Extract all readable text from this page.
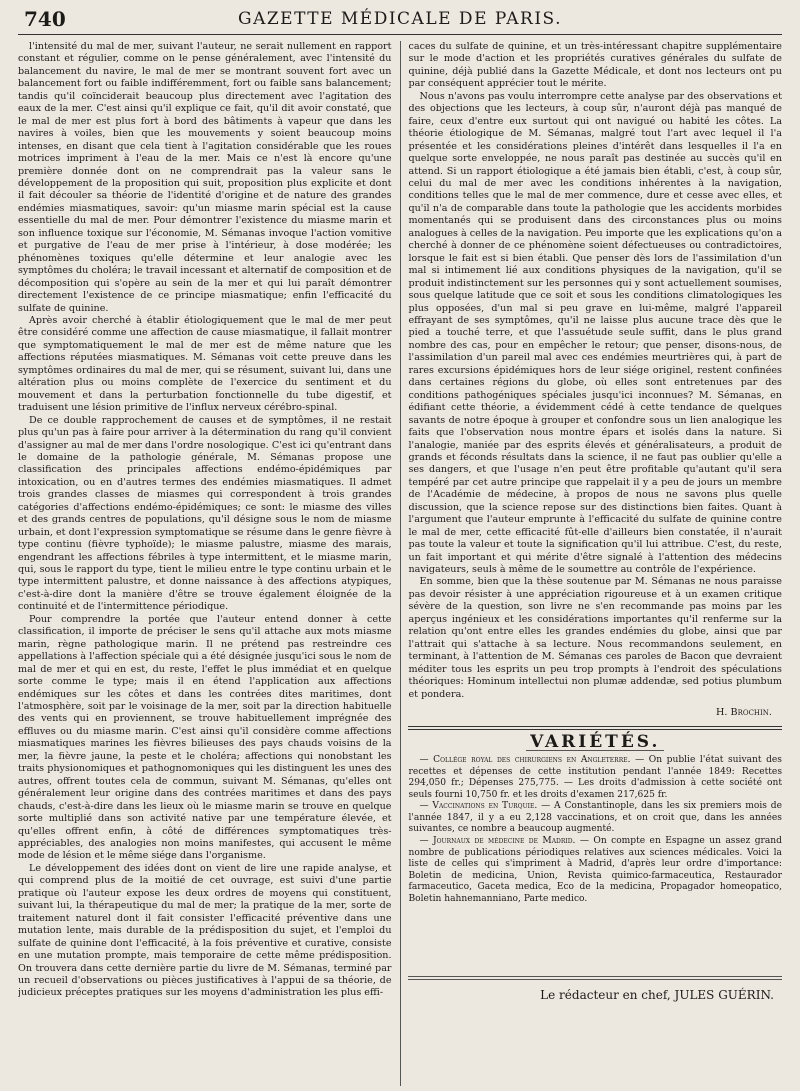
740	GAZETTE MÉDICALE DE PARIS.

l'intensité du mal de mer, suivant l'auteur, ne serait nullement en rapport constant et régulier, comme on le pense généralement, avec l'intensité du balancement du navire, le mal de mer se montrant souvent fort avec un balancement fort ou faible indifféremment, fort ou faible sans balancement; tandis qu'il coïnciderait beaucoup plus directement avec l'agitation des eaux de la mer. C'est ainsi qu'il explique ce fait, qu'il dit avoir constaté, que le mal de mer est plus fort à bord des bâtiments à vapeur que dans les navires à voiles, bien que les mouvements y soient beaucoup moins intenses, en disant que cela tient à l'agitation considérable que les roues motrices impriment à l'eau de la mer. Mais ce n'est là encore qu'une première donnée dont on ne comprendrait pas la valeur sans le développement de la proposition qui suit, proposition plus explicite et dont il fait découler sa théorie de l'identité d'origine et de nature des grandes endémies miasmatiques, savoir: qu'un miasme marin spécial est la cause essentielle du mal de mer. Pour démontrer l'existence du miasme marin et son influence toxique sur l'économie, M. Sémanas invoque l'action vomitive et purgative de l'eau de mer prise à l'intérieur, à dose modérée; les phénomènes toxiques qu'elle détermine et leur analogie avec les symptômes du choléra; le travail incessant et alternatif de composition et de décomposition qui s'opère au sein de la mer et qui lui paraît démontrer directement l'existence de ce principe miasmatique; enfin l'efficacité du sulfate de quinine.

Après avoir cherché à établir étiologiquement que le mal de mer peut être considéré comme une affection de cause miasmatique, il fallait montrer que symptomatiquement le mal de mer est de même nature que les affections réputées miasmatiques. M. Sémanas voit cette preuve dans les symptômes ordinaires du mal de mer, qui se résument, suivant lui, dans une altération plus ou moins complète de l'exercice du sentiment et du mouvement et dans la perturbation fonctionnelle du tube digestif, et traduisent une lésion primitive de l'influx nerveux cérébro-spinal.

De ce double rapprochement de causes et de symptômes, il ne restait plus qu'un pas à faire pour arriver à la détermination du rang qu'il convient d'assigner au mal de mer dans l'ordre nosologique. C'est ici qu'entrant dans le domaine de la pathologie générale, M. Sémanas propose une classification des principales affections endémo-épidémiques par intoxication, ou en d'autres termes des endémies miasmatiques. Il admet trois grandes classes de miasmes qui correspondent à trois grandes catégories d'affections endémo-épidémiques; ce sont: le miasme des villes et des grands centres de populations, qu'il désigne sous le nom de miasme urbain, et dont l'expression symptomatique se résume dans le genre fièvre à type continu (fièvre typhoïde); le miasme palustre, miasme des marais, engendrant les affections fébriles à type intermittent, et le miasme marin, qui, sous le rapport du type, tient le milieu entre le type continu urbain et le type intermittent palustre, et donne naissance à des affections atypiques, c'est-à-dire dont la manière d'être se trouve également éloignée de la continuité et de l'intermittence périodique.

Pour comprendre la portée que l'auteur entend donner à cette classification, il importe de préciser le sens qu'il attache aux mots miasme marin, règne pathologique marin. Il ne prétend pas restreindre ces appellations à l'affection spéciale qui a été désignée jusqu'ici sous le nom de mal de mer et qui en est, du reste, l'effet le plus immédiat et en quelque sorte comme le type; mais il en étend l'application aux affections endémiques sur les côtes et dans les contrées dites maritimes, dont l'atmosphère, soit par le voisinage de la mer, soit par la direction habituelle des vents qui en proviennent, se trouve habituellement imprégnée des effluves ou du miasme marin. C'est ainsi qu'il considère comme affections miasmatiques marines les fièvres bilieuses des pays chauds voisins de la mer, la fièvre jaune, la peste et le choléra; affections qui nonobstant les traits physionomiques et pathognomoniques qui les distinguent les unes des autres, offrent toutes cela de commun, suivant M. Sémanas, qu'elles ont généralement leur origine dans des contrées maritimes et dans des pays chauds, c'est-à-dire dans les lieux où le miasme marin se trouve en quelque sorte multiplié dans son activité native par une température élevée, et qu'elles offrent enfin, à côté de différences symptomatiques très-appréciables, des analogies non moins manifestes, qui accusent le même mode de lésion et le même siége dans l'organisme.

Le développement des idées dont on vient de lire une rapide analyse, et qui comprend plus de la moitié de cet ouvrage, est suivi d'une partie pratique où l'auteur expose les deux ordres de moyens qui constituent, suivant lui, la thérapeutique du mal de mer; la pratique de la mer, sorte de traitement naturel dont il fait consister l'efficacité préventive dans une mutation lente, mais durable de la prédisposition du sujet, et l'emploi du sulfate de quinine dont l'efficacité, à la fois préventive et curative, consiste en une mutation prompte, mais temporaire de cette même prédisposition. On trouvera dans cette dernière partie du livre de M. Sémanas, terminé par un recueil d'observations ou pièces justificatives à l'appui de sa théorie, de judicieux préceptes pratiques sur les moyens d'administration les plus effi-

caces du sulfate de quinine, et un très-intéressant chapitre supplémentaire sur le mode d'action et les propriétés curatives générales du sulfate de quinine, déjà publié dans la Gazette Médicale, et dont nos lecteurs ont pu par conséquent apprécier tout le mérite.

Nous n'avons pas voulu interrompre cette analyse par des observations et des objections que les lecteurs, à coup sûr, n'auront déjà pas manqué de faire, ceux d'entre eux surtout qui ont navigué ou habité les côtes. La théorie étiologique de M. Sémanas, malgré tout l'art avec lequel il l'a présentée et les considérations pleines d'intérêt dans lesquelles il l'a en quelque sorte enveloppée, ne nous paraît pas destinée au succès qu'il en attend. Si un rapport étiologique a été jamais bien établi, c'est, à coup sûr, celui du mal de mer avec les conditions inhérentes à la navigation, conditions telles que le mal de mer commence, dure et cesse avec elles, et qu'il n'a de comparable dans toute la pathologie que les accidents morbides momentanés qui se produisent dans des circonstances plus ou moins analogues à celles de la navigation. Peu importe que les explications qu'on a cherché à donner de ce phénomène soient défectueuses ou contradictoires, lorsque le fait est si bien établi. Que penser dès lors de l'assimilation d'un mal si intimement lié aux conditions physiques de la navigation, qu'il se produit indistinctement sur les personnes qui y sont actuellement soumises, sous quelque latitude que ce soit et sous les conditions climatologiques les plus opposées, d'un mal si peu grave en lui-même, malgré l'appareil effrayant de ses symptômes, qu'il ne laisse plus aucune trace dès que le pied a touché terre, et que l'assuétude seule suffit, dans le plus grand nombre des cas, pour en empêcher le retour; que penser, disons-nous, de l'assimilation d'un pareil mal avec ces endémies meurtrières qui, à part de rares excursions épidémiques hors de leur siége originel, restent confinées dans certaines régions du globe, où elles sont entretenues par des conditions pathogéniques spéciales jusqu'ici inconnues? M. Sémanas, en édifiant cette théorie, a évidemment cédé à cette tendance de quelques savants de notre époque à grouper et confondre sous un lien analogique les faits que l'observation nous montre épars et isolés dans la nature. Si l'analogie, maniée par des esprits élevés et généralisateurs, a produit de grands et féconds résultats dans la science, il ne faut pas oublier qu'elle a ses dangers, et que l'usage n'en peut être profitable qu'autant qu'il sera tempéré par cet autre principe que rappelait il y a peu de jours un membre de l'Académie de médecine, à propos de nous ne savons plus quelle discussion, que la science repose sur des distinctions bien faites. Quant à l'argument que l'auteur emprunte à l'efficacité du sulfate de quinine contre le mal de mer, cette efficacité fût-elle d'ailleurs bien constatée, il n'aurait pas toute la valeur et toute la signification qu'il lui attribue. C'est, du reste, un fait important et qui mérite d'être signalé à l'attention des médecins navigateurs, seuls à même de le soumettre au contrôle de l'expérience.

En somme, bien que la thèse soutenue par M. Sémanas ne nous paraisse pas devoir résister à une appréciation rigoureuse et à un examen critique sévère de la question, son livre ne s'en recommande pas moins par les aperçus ingénieux et les considérations importantes qu'il renferme sur la relation qu'ont entre elles les grandes endémies du globe, ainsi que par l'attrait qui s'attache à sa lecture. Nous recommandons seulement, en terminant, à l'attention de M. Sémanas ces paroles de Bacon que devraient méditer tous les esprits un peu trop prompts à l'endroit des spéculations théoriques: Hominum intellectui non plumæ addendæ, sed potius plumbum et pondera.

H. Brochin.
VARIÉTÉS.

— Collége royal des chirurgiens en Angleterre. — On publie l'état suivant des recettes et dépenses de cette institution pendant l'année 1849: Recettes 294,050 fr.; Dépenses 275,775. — Les droits d'admission à cette société ont seuls fourni 10,750 fr. et les droits d'examen 217,625 fr.

— Vaccinations en Turquie. — A Constantinople, dans les six premiers mois de l'année 1847, il y a eu 2,128 vaccinations, et on croit que, dans les années suivantes, ce nombre a beaucoup augmenté.

— Journaux de médecine de Madrid. — On compte en Espagne un assez grand nombre de publications périodiques relatives aux sciences médicales. Voici la liste de celles qui s'impriment à Madrid, d'après leur ordre d'importance: Boletin de medicina, Union, Revista quimico-farmaceutica, Restaurador farmaceutico, Gaceta medica, Eco de la medicina, Propagador homeopatico, Boletin hahnemanniano, Parte medico.

Le rédacteur en chef, JULES GUÉRIN.
